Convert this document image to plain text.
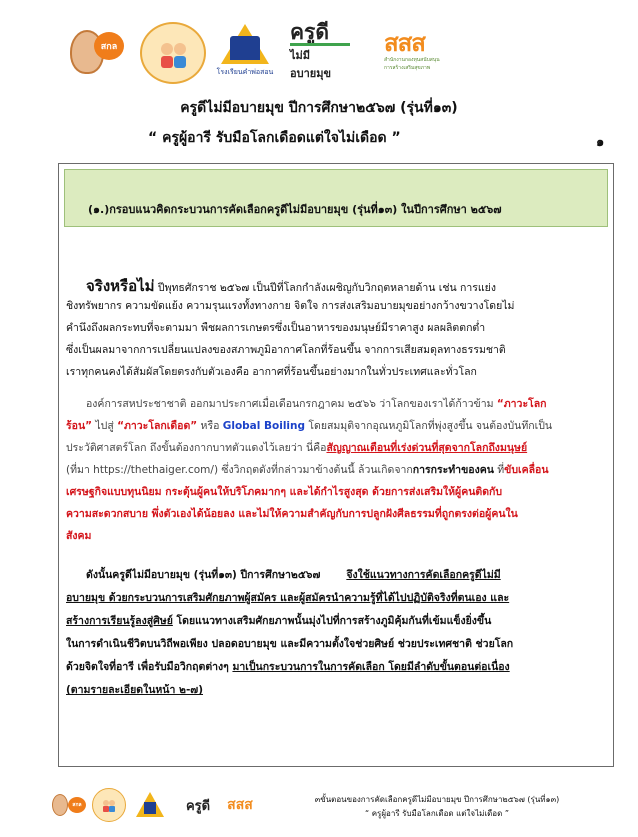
สกล
โรงเรียนคำพ่อสอน
ครูดี
ไม่มีอบายมุข
สสส
สำนักงานกองทุนสนับสนุนการสร้างเสริมสุขภาพ
ครูดีไม่มีอบายมุข ปีการศึกษา๒๕๖๗ (รุ่นที่๑๓)
“ ครูผู้อารี รับมือโลกเดือดแต่ใจไม่เดือด ”	๑
(๑.)กรอบแนวคิดกระบวนการคัดเลือกครูดีไม่มีอบายมุข (รุ่นที่๑๓) ในปีการศึกษา ๒๕๖๗
จริงหรือไม่ ปีพุทธศักราช ๒๕๖๗ เป็นปีที่โลกกำลังเผชิญกับวิกฤตหลายด้าน เช่น การแย่ง
ชิงทรัพยากร ความขัดแย้ง ความรุนแรงทั้งทางกาย จิตใจ การส่งเสริมอบายมุขอย่างกว้างขวางโดยไม่
คำนึงถึงผลกระทบที่จะตามมา พืชผลการเกษตรซึ่งเป็นอาหารของมนุษย์มีราคาสูง ผลผลิตตกต่ำ
ซึ่งเป็นผลมาจากการเปลี่ยนแปลงของสภาพภูมิอากาศโลกที่ร้อนขึ้น จากการเสียสมดุลทางธรรมชาติ
เราทุกคนคงได้สัมผัสโดยตรงกับตัวเองคือ อากาศที่ร้อนขึ้นอย่างมากในทั่วประเทศและทั่วโลก
องค์การสหประชาชาติ ออกมาประกาศเมื่อเดือนกรกฎาคม ๒๕๖๖ ว่าโลกของเราได้ก้าวข้าม “ภาวะโลก
ร้อน” ไปสู่ “ภาวะโลกเดือด” หรือ Global Boiling โดยสมมุติจากอุณหภูมิโลกที่พุ่งสูงขึ้น จนต้องบันทึกเป็น
ประวัติศาสตร์โลก ถึงขั้นต้องกากบาทตัวแดงไว้เลยว่า นี่คือสัญญาณเตือนที่เร่งด่วนที่สุดจากโลกถึงมนุษย์
(ที่มา https://thethaiger.com/) ซึ่งวิกฤตดังที่กล่าวมาข้างต้นนี้ ล้วนเกิดจากการกระทำของคน ที่ขับเคลื่อน
เศรษฐกิจแบบทุนนิยม กระตุ้นผู้คนให้บริโภคมากๆ และได้กำไรสูงสุด ด้วยการส่งเสริมให้ผู้คนติดกับ
ความสะดวกสบาย พึ่งตัวเองได้น้อยลง และไม่ให้ความสำคัญกับการปลูกฝังศีลธรรมที่ถูกตรงต่อผู้คนใน
สังคม
ดังนั้นครูดีไม่มีอบายมุข (รุ่นที่๑๓) ปีการศึกษา๒๕๖๗ จึงใช้แนวทางการคัดเลือกครูดีไม่มี
อบายมุข ด้วยกระบวนการเสริมศักยภาพผู้สมัคร และผู้สมัครนำความรู้ที่ได้ไปปฏิบัติจริงที่ตนเอง และ
สร้างการเรียนรู้ลงสู่ศิษย์ โดยแนวทางเสริมศักยภาพนั้นมุ่งไปที่การสร้างภูมิคุ้มกันที่เข้มแข็งยิ่งขึ้น
ในการดำเนินชีวิตบนวิถีพอเพียง ปลอดอบายมุข และมีความตั้งใจช่วยศิษย์ ช่วยประเทศชาติ ช่วยโลก
ด้วยจิตใจที่อารี เพื่อรับมือวิกฤตต่างๆ มาเป็นกระบวนการในการคัดเลือก โดยมีลำดับขั้นตอนต่อเนื่อง
(ตามรายละเอียดในหน้า ๒-๗)
สกล	ครูดี	สสส	๓ขั้นตอนของการคัดเลือกครูดีไม่มีอบายมุข ปีการศึกษา๒๕๖๗ (รุ่นที่๑๓)
“ ครูผู้อารี รับมือโลกเดือด แต่ใจไม่เดือด ”
